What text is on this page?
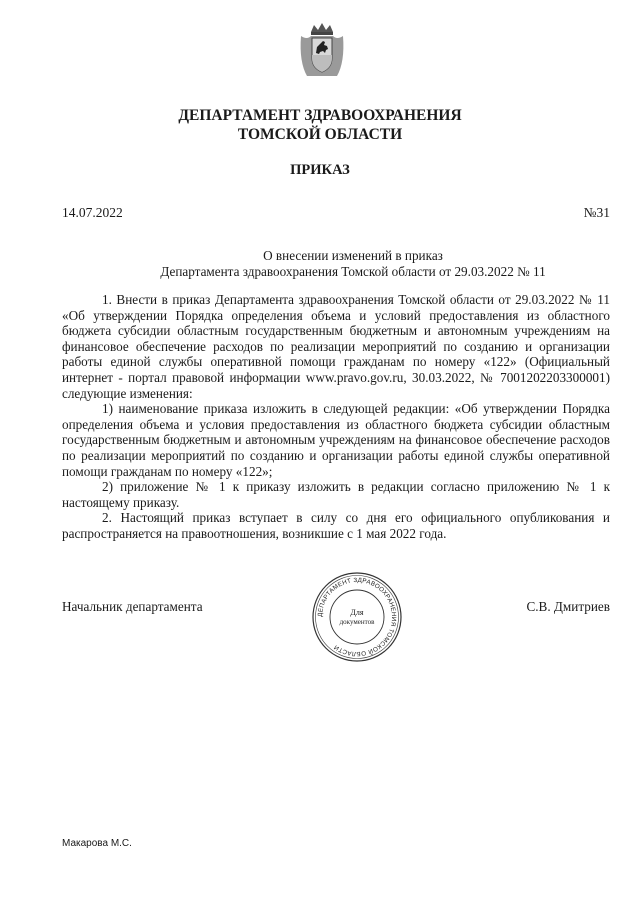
ДЕПАРТАМЕНТ ЗДРАВООХРАНЕНИЯ
ТОМСКОЙ ОБЛАСТИ
ПРИКАЗ
14.07.2022	№31
О внесении изменений в приказ
Департамента здравоохранения Томской области от 29.03.2022 № 11

1. Внести в приказ Департамента здравоохранения Томской области от 29.03.2022 № 11 «Об утверждении Порядка определения объема и условий предоставления из областного бюджета субсидии областным государственным бюджетным и автономным учреждениям на финансовое обеспечение расходов по реализации мероприятий по созданию и организации работы единой службы оперативной помощи гражданам по номеру «122» (Официальный интернет - портал правовой информации www.pravo.gov.ru, 30.03.2022, № 7001202203300001) следующие изменения:

1) наименование приказа изложить в следующей редакции: «Об утверждении Порядка определения объема и условия предоставления из областного бюджета субсидии областным государственным бюджетным и автономным учреждениям на финансовое обеспечение расходов по реализации мероприятий по созданию и организации работы единой службы оперативной помощи гражданам по номеру «122»;

2) приложение № 1 к приказу изложить в редакции согласно приложению № 1 к настоящему приказу.

2. Настоящий приказ вступает в силу со дня его официального опубликования и распространяется на правоотношения, возникшие с 1 мая 2022 года.

Начальник департамента
ДЕПАРТАМЕНТ ЗДРАВООХРАНЕНИЯ ТОМСКОЙ ОБЛАСТИ
Для
документов
С.В. Дмитриев
Макарова М.С.
